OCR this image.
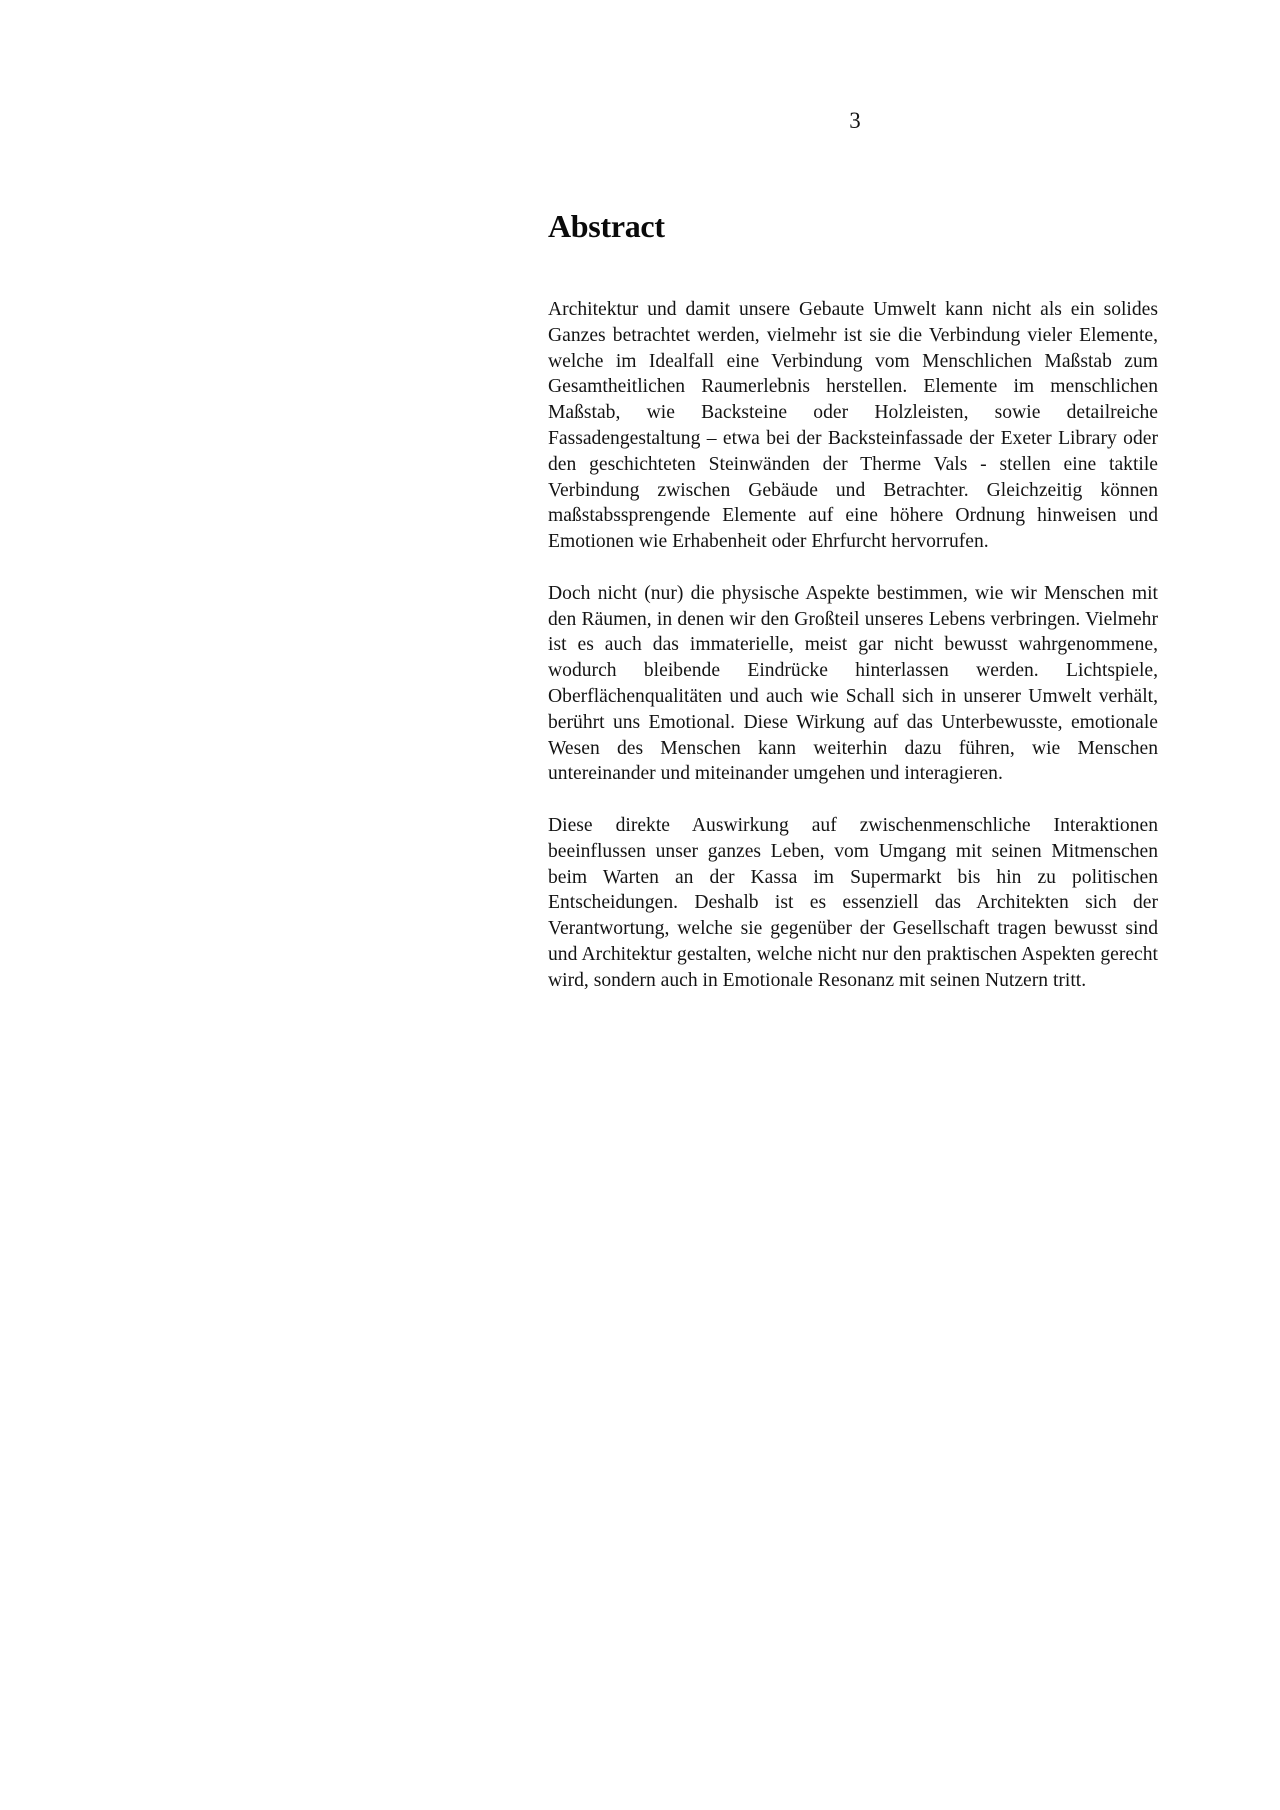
3
Abstract

Architektur und damit unsere Gebaute Umwelt kann nicht als ein solides Ganzes betrachtet werden, vielmehr ist sie die Verbindung vieler Elemente, welche im Idealfall eine Verbindung vom Menschlichen Maßstab zum Gesamtheitlichen Raumerlebnis herstellen. Elemente im menschlichen Maßstab, wie Backsteine oder Holzleisten, sowie detailreiche Fassadengestaltung – etwa bei der Backsteinfassade der Exeter Library oder den geschichteten Steinwänden der Therme Vals - stellen eine taktile Verbindung zwischen Gebäude und Betrachter. Gleichzeitig können maßstabssprengende Elemente auf eine höhere Ordnung hinweisen und Emotionen wie Erhabenheit oder Ehrfurcht hervorrufen.

Doch nicht (nur) die physische Aspekte bestimmen, wie wir Menschen mit den Räumen, in denen wir den Großteil unseres Lebens verbringen. Vielmehr ist es auch das immaterielle, meist gar nicht bewusst wahrgenommene, wodurch bleibende Eindrücke hinterlassen werden. Lichtspiele, Oberflächenqualitäten und auch wie Schall sich in unserer Umwelt verhält, berührt uns Emotional. Diese Wirkung auf das Unterbewusste, emotionale Wesen des Menschen kann weiterhin dazu führen, wie Menschen untereinander und miteinander umgehen und interagieren.

Diese direkte Auswirkung auf zwischenmenschliche Interaktionen beeinflussen unser ganzes Leben, vom Umgang mit seinen Mitmenschen beim Warten an der Kassa im Supermarkt bis hin zu politischen Entscheidungen. Deshalb ist es essenziell das Architekten sich der Verantwortung, welche sie gegenüber der Gesellschaft tragen bewusst sind und Architektur gestalten, welche nicht nur den praktischen Aspekten gerecht wird, sondern auch in Emotionale Resonanz mit seinen Nutzern tritt.
